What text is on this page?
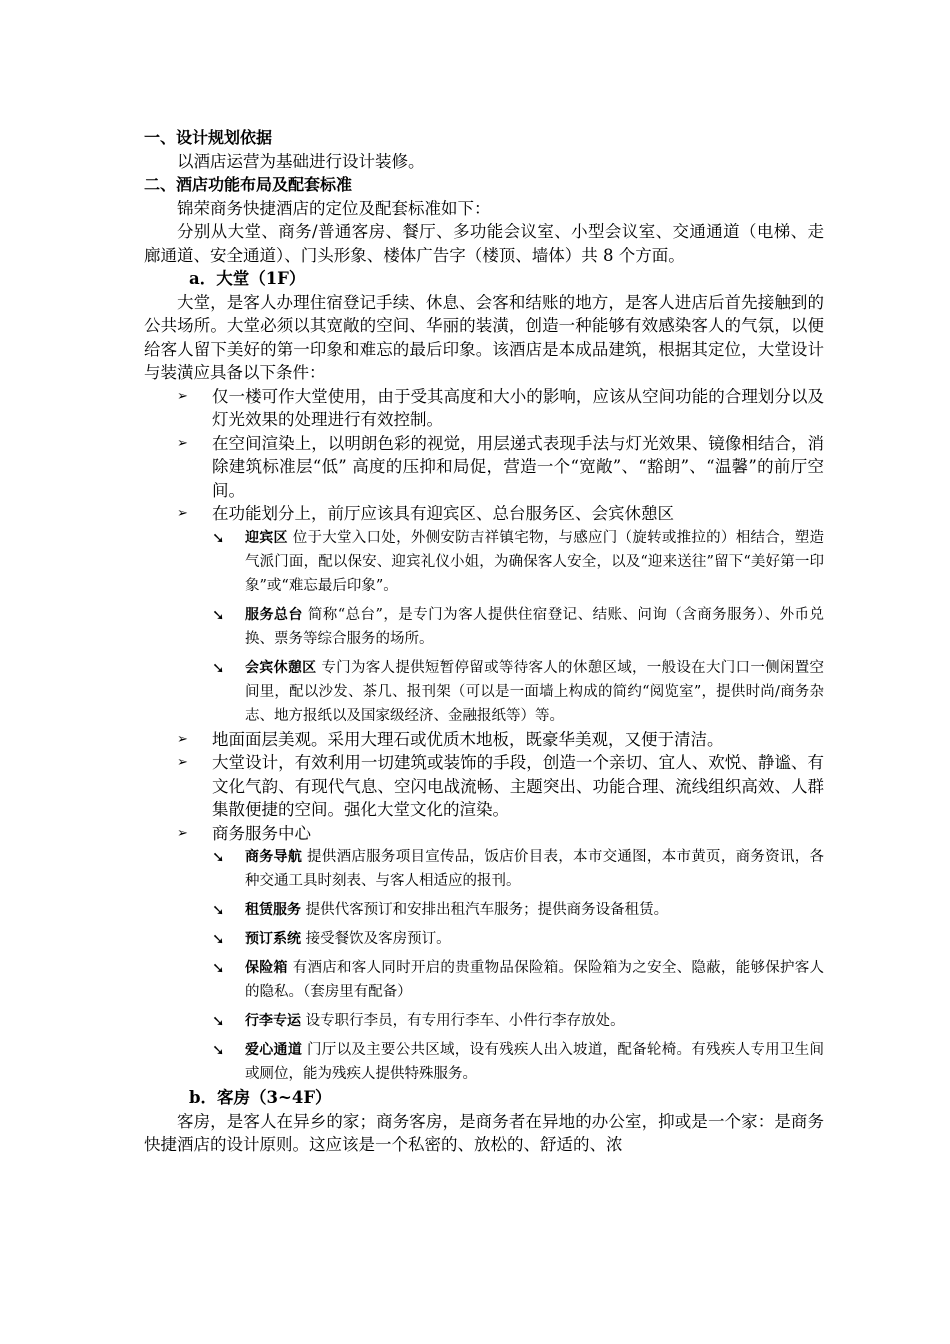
一、设计规划依据
以酒店运营为基础进行设计装修。
二、酒店功能布局及配套标准
锦荣商务快捷酒店的定位及配套标准如下：
分别从大堂、商务/普通客房、餐厅、多功能会议室、小型会议室、交通通道（电梯、走廊通道、安全通道）、门头形象、楼体广告字（楼顶、墙体）共 8 个方面。
a．大堂（1F）
大堂，是客人办理住宿登记手续、休息、会客和结账的地方，是客人进店后首先接触到的公共场所。大堂必须以其宽敞的空间、华丽的装潢，创造一种能够有效感染客人的气氛，以便给客人留下美好的第一印象和难忘的最后印象。该酒店是本成品建筑，根据其定位，大堂设计与装潢应具备以下条件：
➢ 仅一楼可作大堂使用，由于受其高度和大小的影响，应该从空间功能的合理划分以及灯光效果的处理进行有效控制。
➢ 在空间渲染上，以明朗色彩的视觉，用层递式表现手法与灯光效果、镜像相结合，消除建筑标准层“低” 高度的压抑和局促，营造一个“宽敞”、“豁朗”、“温馨”的前厅空间。
➢ 在功能划分上，前厅应该具有迎宾区、总台服务区、会宾休憩区
➘ 迎宾区 位于大堂入口处，外侧安防吉祥镇宅物，与感应门（旋转或推拉的）相结合，塑造气派门面，配以保安、迎宾礼仪小姐，为确保客人安全，以及“迎来送往”留下“美好第一印象”或“难忘最后印象”。
➘ 服务总台 简称“总台”，是专门为客人提供住宿登记、结账、问询（含商务服务）、外币兑换、票务等综合服务的场所。
➘ 会宾休憩区 专门为客人提供短暂停留或等待客人的休憩区域，一般设在大门口一侧闲置空间里，配以沙发、茶几、报刊架（可以是一面墙上构成的简约“阅览室”，提供时尚/商务杂志、地方报纸以及国家级经济、金融报纸等）等。
➢ 地面面层美观。采用大理石或优质木地板，既豪华美观，又便于清洁。
➢ 大堂设计，有效利用一切建筑或装饰的手段，创造一个亲切、宜人、欢悦、静谧、有文化气韵、有现代气息、空闪电战流畅、主题突出、功能合理、流线组织高效、人群集散便捷的空间。强化大堂文化的渲染。
➢ 商务服务中心
➘ 商务导航 提供酒店服务项目宣传品，饭店价目表，本市交通图，本市黄页，商务资讯，各种交通工具时刻表、与客人相适应的报刊。
➘ 租赁服务 提供代客预订和安排出租汽车服务；提供商务设备租赁。
➘ 预订系统 接受餐饮及客房预订。
➘ 保险箱 有酒店和客人同时开启的贵重物品保险箱。保险箱为之安全、隐蔽，能够保护客人的隐私。（套房里有配备）
➘ 行李专运 设专职行李员，有专用行李车、小件行李存放处。
➘ 爱心通道 门厅以及主要公共区域，设有残疾人出入坡道，配备轮椅。有残疾人专用卫生间或厕位，能为残疾人提供特殊服务。
b．客房（3~4F）
客房，是客人在异乡的家；商务客房，是商务者在异地的办公室，抑或是一个家：是商务快捷酒店的设计原则。这应该是一个私密的、放松的、舒适的、浓
